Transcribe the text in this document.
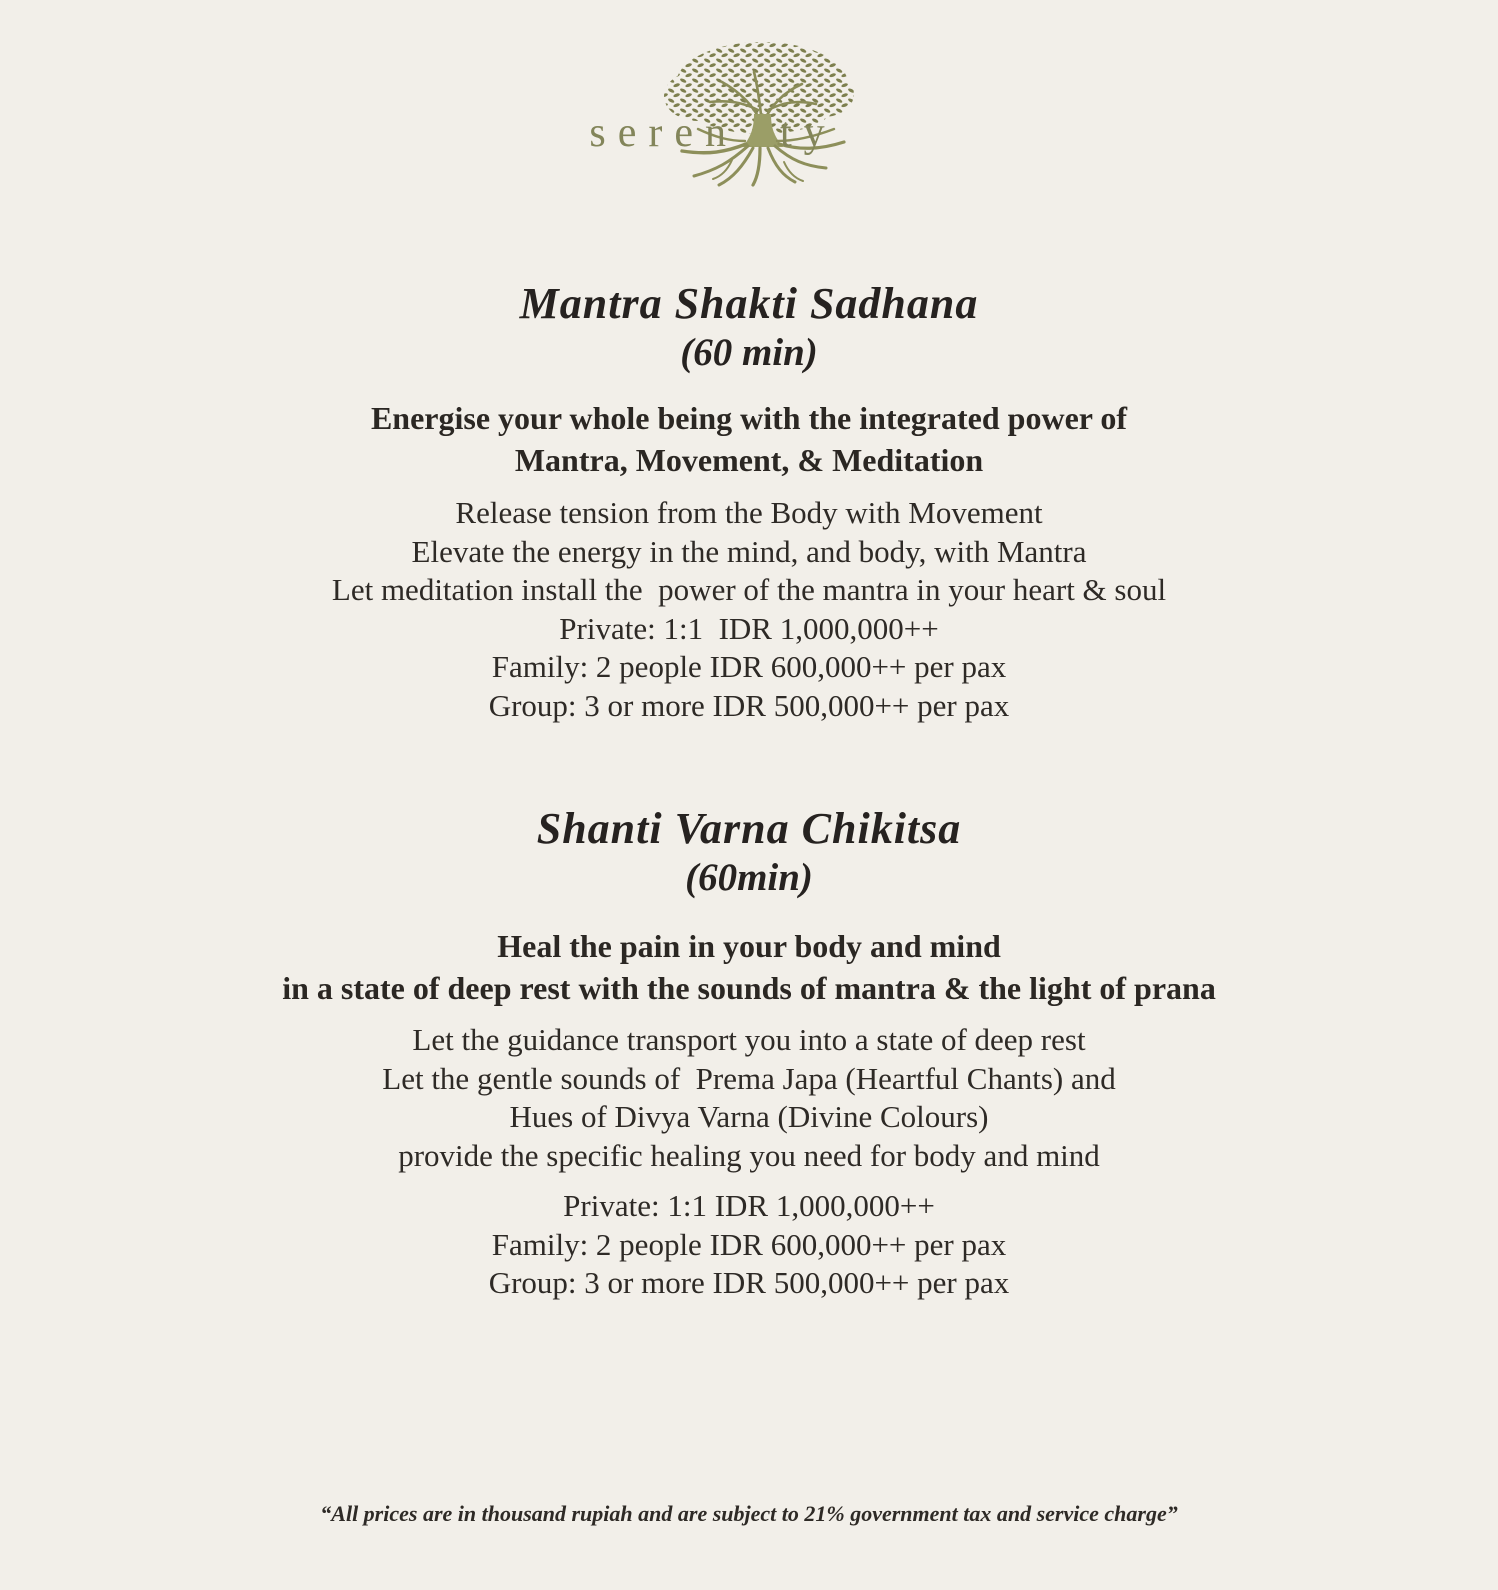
seren ty
Mantra Shakti Sadhana
(60 min)
Energise your whole being with the integrated power of
Mantra, Movement, & Meditation
Release tension from the Body with Movement
Elevate the energy in the mind, and body, with Mantra
Let meditation install the  power of the mantra in your heart & soul
Private: 1:1  IDR 1,000,000++
Family: 2 people IDR 600,000++ per pax
Group: 3 or more IDR 500,000++ per pax
Shanti Varna Chikitsa
(60min)
Heal the pain in your body and mind
in a state of deep rest with the sounds of mantra & the light of prana
Let the guidance transport you into a state of deep rest
Let the gentle sounds of  Prema Japa (Heartful Chants) and
Hues of Divya Varna (Divine Colours)
provide the specific healing you need for body and mind
Private: 1:1 IDR 1,000,000++
Family: 2 people IDR 600,000++ per pax
Group: 3 or more IDR 500,000++ per pax

“All prices are in thousand rupiah and are subject to 21% government tax and service charge”
